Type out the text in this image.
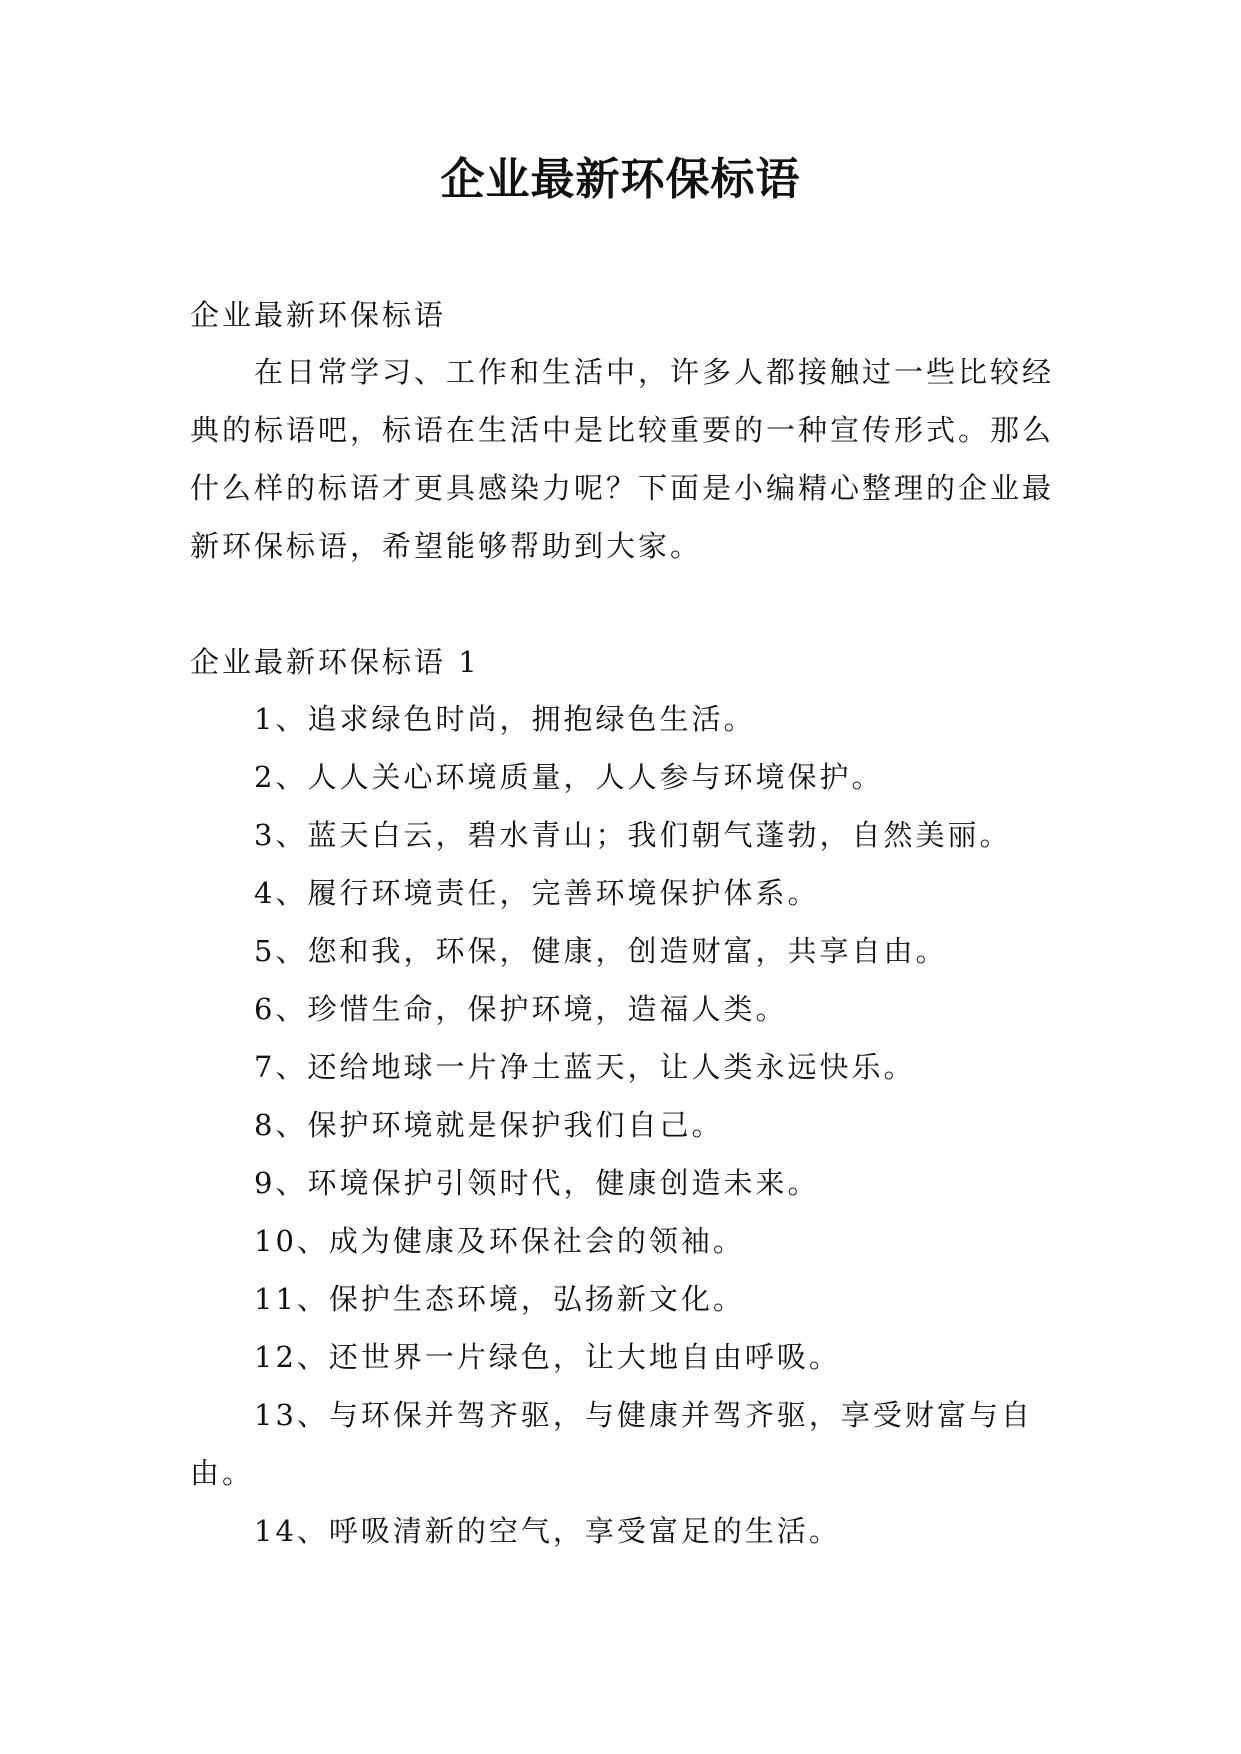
企业最新环保标语
企业最新环保标语
在日常学习、工作和生活中，许多人都接触过一些比较经典的标语吧，标语在生活中是比较重要的一种宣传形式。那么什么样的标语才更具感染力呢？下面是小编精心整理的企业最新环保标语，希望能够帮助到大家。
企业最新环保标语 1
1、追求绿色时尚，拥抱绿色生活。
2、人人关心环境质量，人人参与环境保护。
3、蓝天白云，碧水青山；我们朝气蓬勃，自然美丽。
4、履行环境责任，完善环境保护体系。
5、您和我，环保，健康，创造财富，共享自由。
6、珍惜生命，保护环境，造福人类。
7、还给地球一片净土蓝天，让人类永远快乐。
8、保护环境就是保护我们自己。
9、环境保护引领时代，健康创造未来。
10、成为健康及环保社会的领袖。
11、保护生态环境，弘扬新文化。
12、还世界一片绿色，让大地自由呼吸。
13、与环保并驾齐驱，与健康并驾齐驱，享受财富与自由。
14、呼吸清新的空气，享受富足的生活。
